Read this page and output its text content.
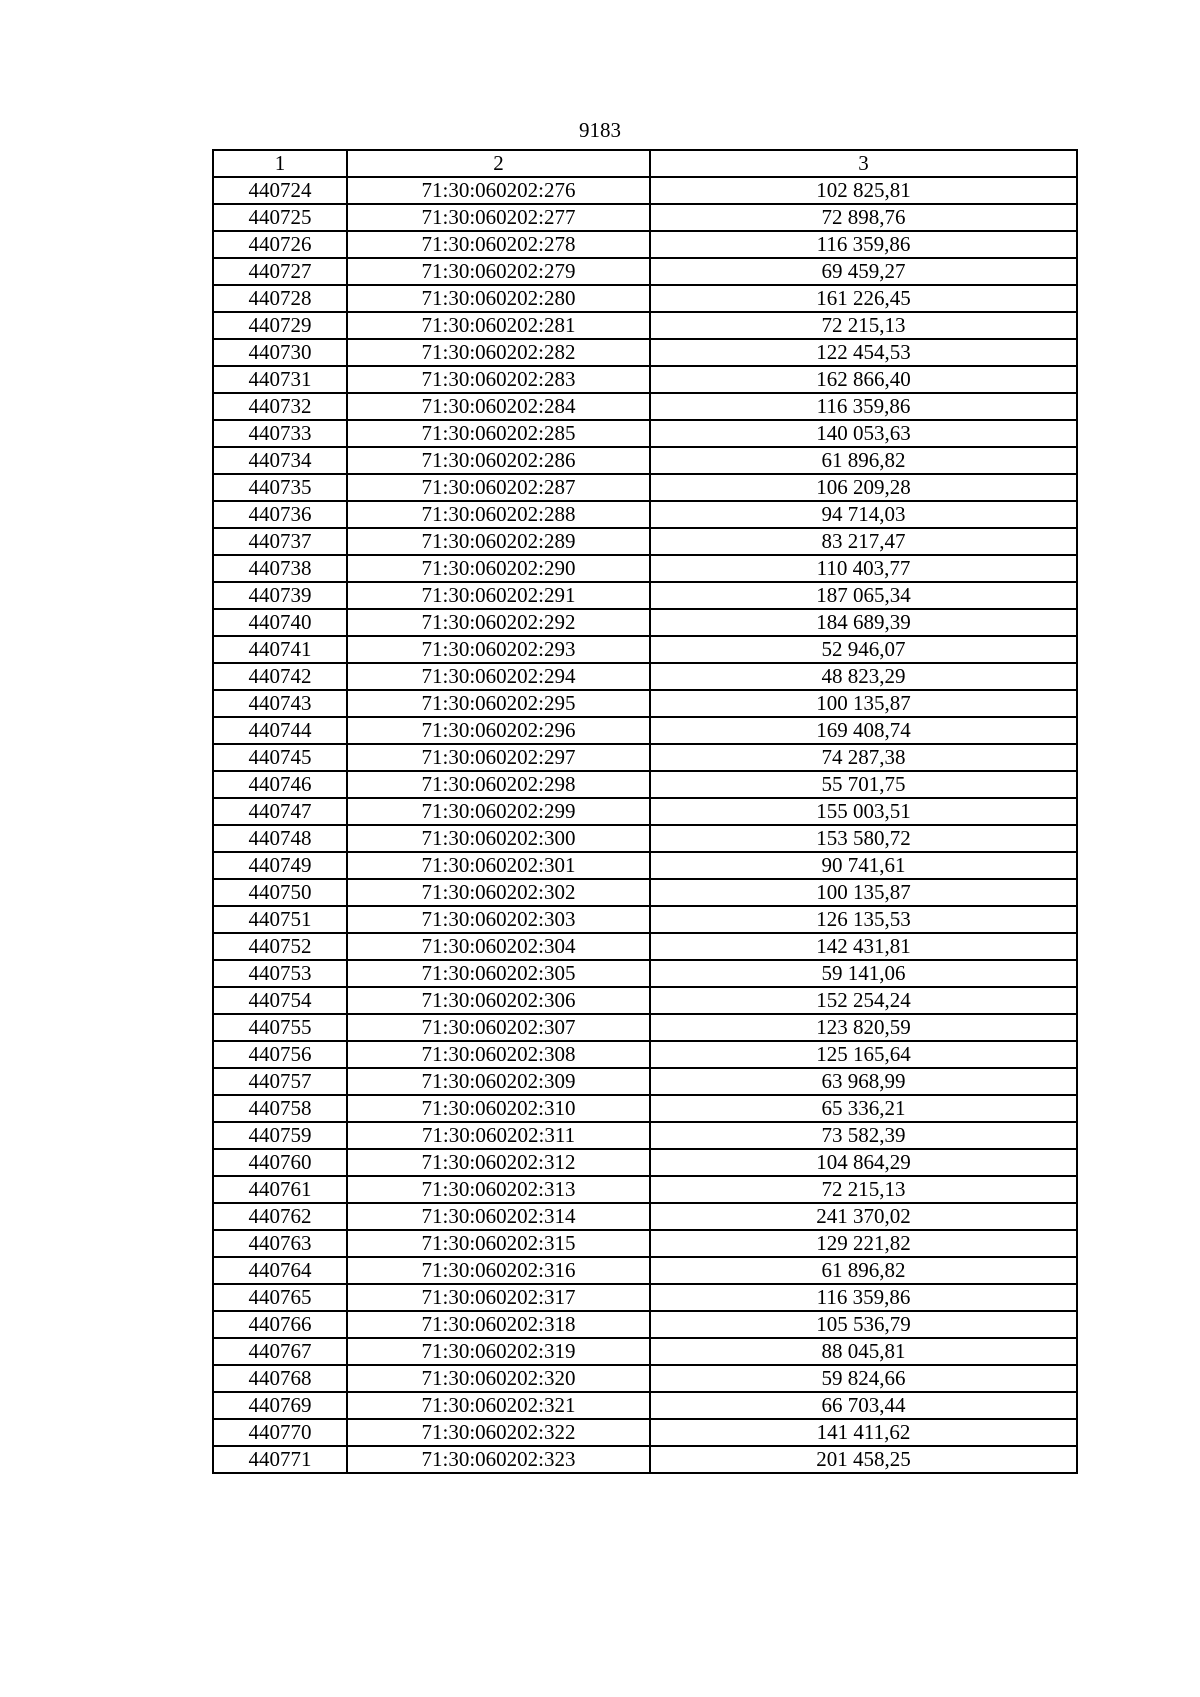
9183
1	2	3
440724	71:30:060202:276	102 825,81
440725	71:30:060202:277	72 898,76
440726	71:30:060202:278	116 359,86
440727	71:30:060202:279	69 459,27
440728	71:30:060202:280	161 226,45
440729	71:30:060202:281	72 215,13
440730	71:30:060202:282	122 454,53
440731	71:30:060202:283	162 866,40
440732	71:30:060202:284	116 359,86
440733	71:30:060202:285	140 053,63
440734	71:30:060202:286	61 896,82
440735	71:30:060202:287	106 209,28
440736	71:30:060202:288	94 714,03
440737	71:30:060202:289	83 217,47
440738	71:30:060202:290	110 403,77
440739	71:30:060202:291	187 065,34
440740	71:30:060202:292	184 689,39
440741	71:30:060202:293	52 946,07
440742	71:30:060202:294	48 823,29
440743	71:30:060202:295	100 135,87
440744	71:30:060202:296	169 408,74
440745	71:30:060202:297	74 287,38
440746	71:30:060202:298	55 701,75
440747	71:30:060202:299	155 003,51
440748	71:30:060202:300	153 580,72
440749	71:30:060202:301	90 741,61
440750	71:30:060202:302	100 135,87
440751	71:30:060202:303	126 135,53
440752	71:30:060202:304	142 431,81
440753	71:30:060202:305	59 141,06
440754	71:30:060202:306	152 254,24
440755	71:30:060202:307	123 820,59
440756	71:30:060202:308	125 165,64
440757	71:30:060202:309	63 968,99
440758	71:30:060202:310	65 336,21
440759	71:30:060202:311	73 582,39
440760	71:30:060202:312	104 864,29
440761	71:30:060202:313	72 215,13
440762	71:30:060202:314	241 370,02
440763	71:30:060202:315	129 221,82
440764	71:30:060202:316	61 896,82
440765	71:30:060202:317	116 359,86
440766	71:30:060202:318	105 536,79
440767	71:30:060202:319	88 045,81
440768	71:30:060202:320	59 824,66
440769	71:30:060202:321	66 703,44
440770	71:30:060202:322	141 411,62
440771	71:30:060202:323	201 458,25
